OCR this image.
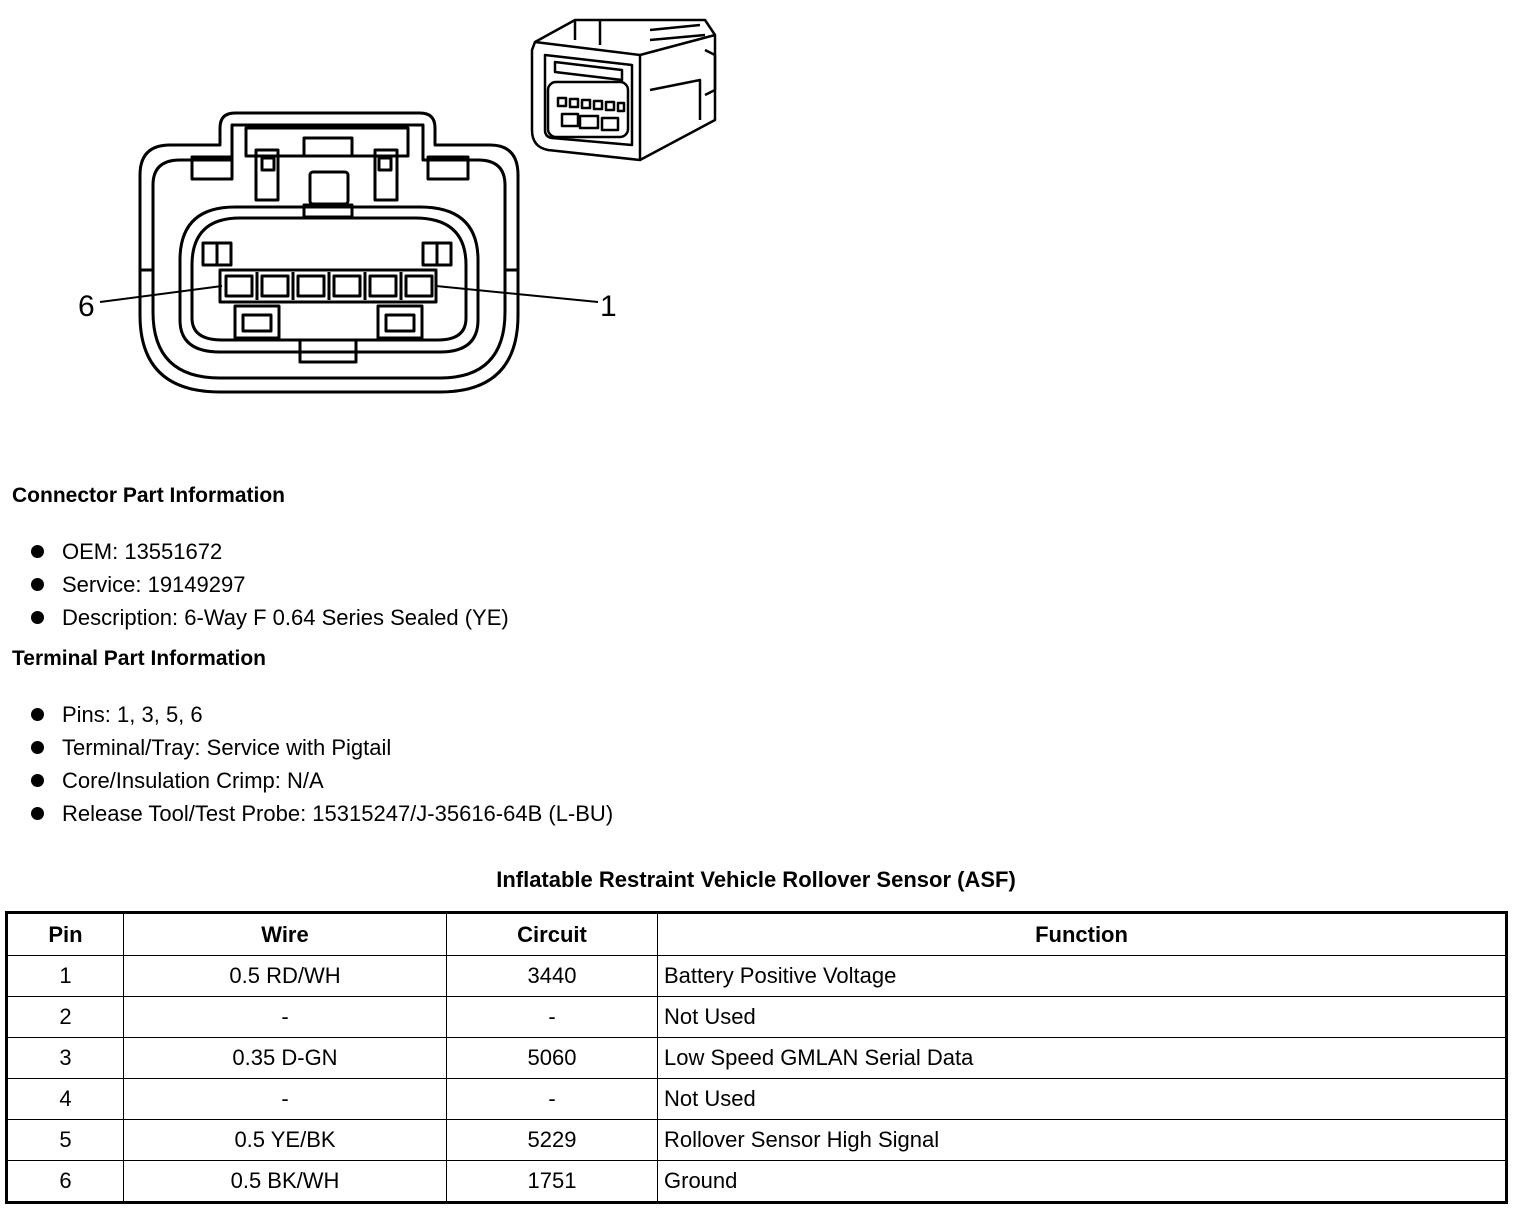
6	1
Connector Part Information
OEM: 13551672
Service: 19149297
Description: 6-Way F 0.64 Series Sealed (YE)
Terminal Part Information
Pins: 1, 3, 5, 6
Terminal/Tray: Service with Pigtail
Core/Insulation Crimp: N/A
Release Tool/Test Probe: 15315247/J-35616-64B (L-BU)
Inflatable Restraint Vehicle Rollover Sensor (ASF)
Pin	Wire	Circuit	Function
1	0.5 RD/WH	3440	Battery Positive Voltage
2	-	-	Not Used
3	0.35 D-GN	5060	Low Speed GMLAN Serial Data
4	-	-	Not Used
5	0.5 YE/BK	5229	Rollover Sensor High Signal
6	0.5 BK/WH	1751	Ground
